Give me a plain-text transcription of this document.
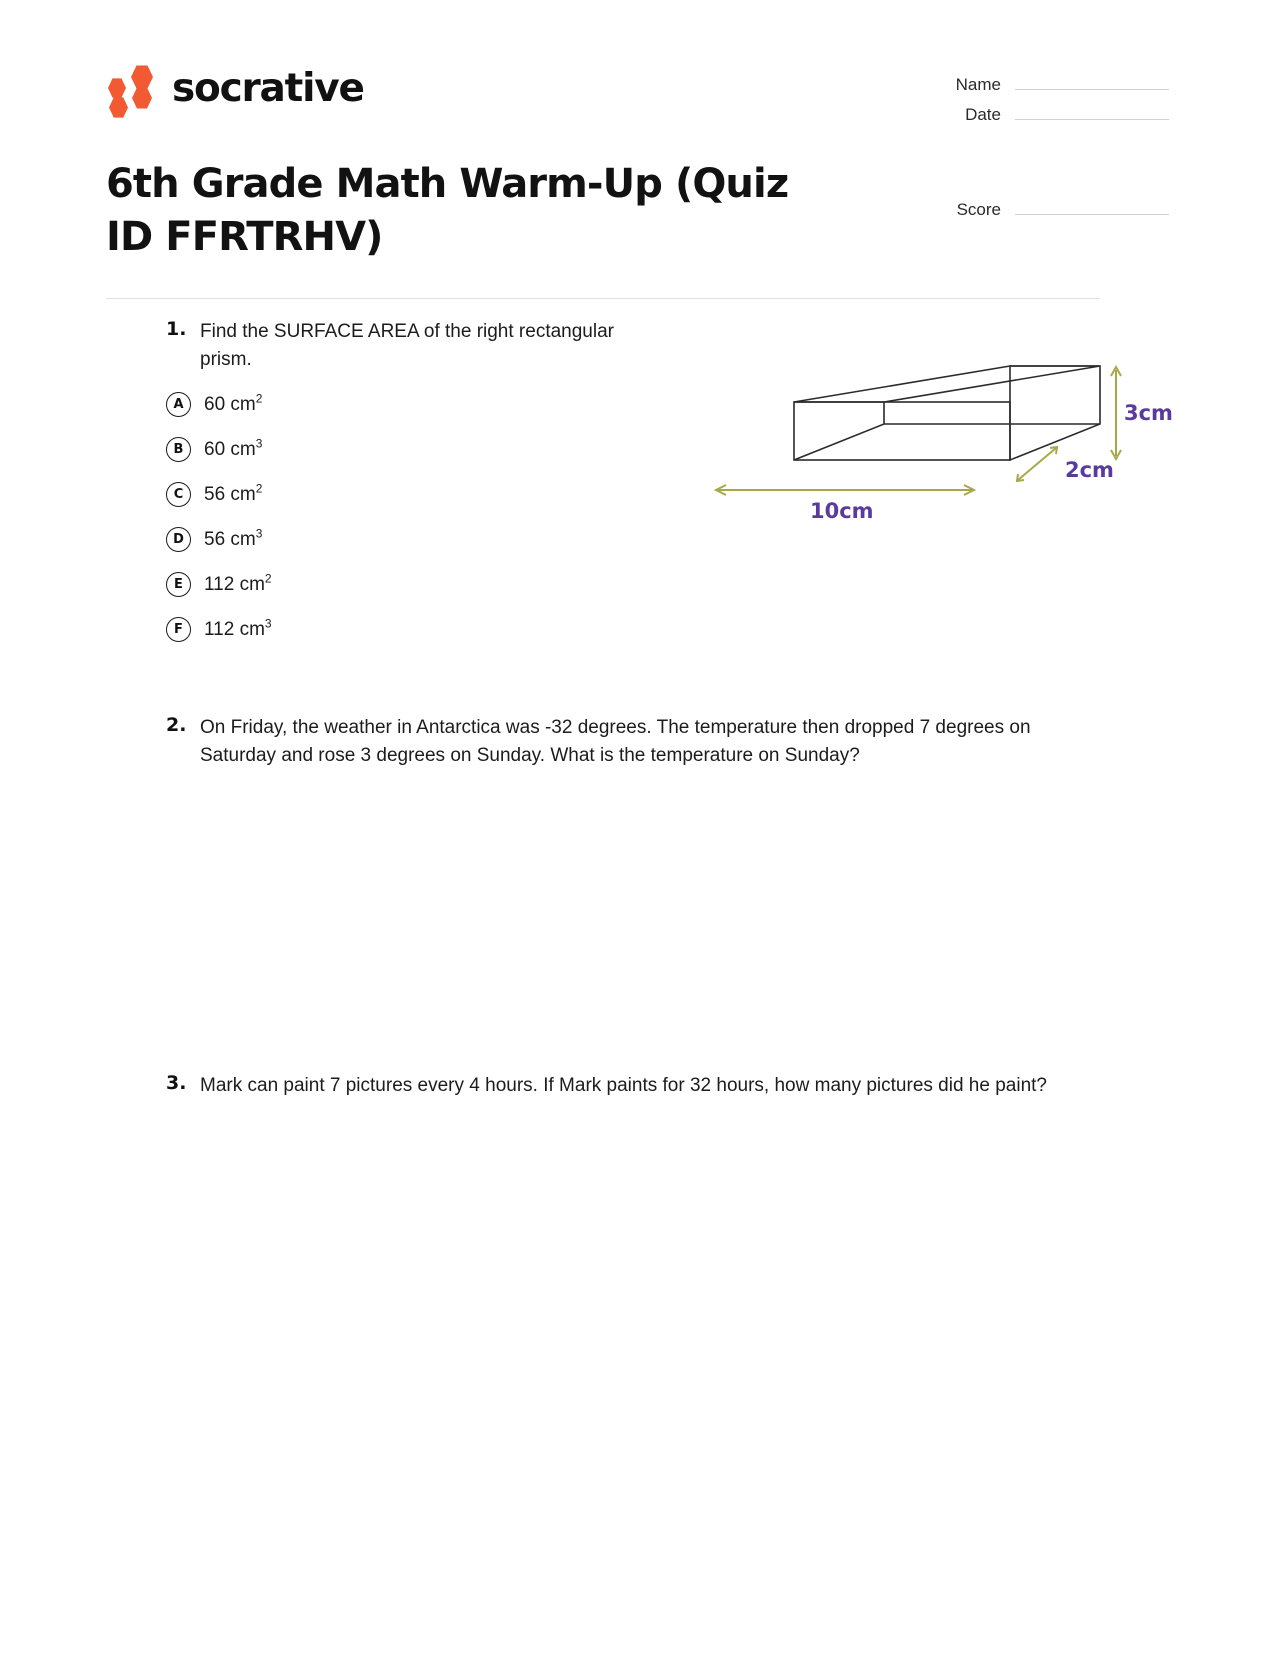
socrative	Name
Date
Score
6th Grade Math Warm-Up (Quiz ID FFRTRHV)
1. Find the SURFACE AREA of the right rectangular prism.
A	60 $cm^2$
B	60 $cm^3$
C	56 $cm^2$
D	56 $cm^3$
E	112 $cm^2$
F	112 $cm^3$
3cm
10cm
2cm
2. On Friday, the weather in Antarctica was -32 degrees. The temperature then dropped 7 degrees on Saturday and rose 3 degrees on Sunday. What is the temperature on Sunday?
3. Mark can paint 7 pictures every 4 hours. If Mark paints for 32 hours, how many pictures did he paint?
